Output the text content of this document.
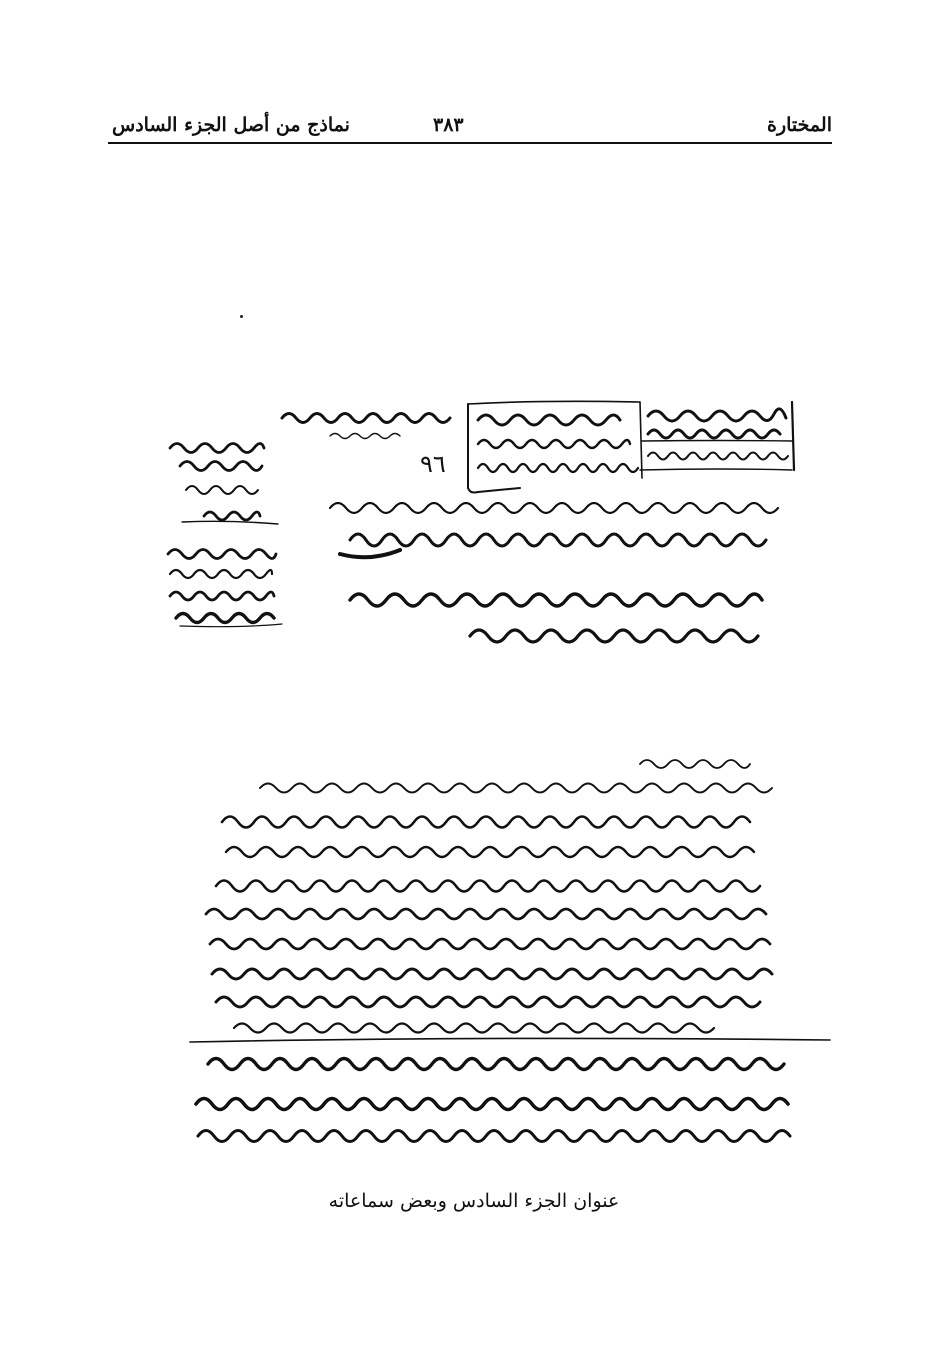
المختارة
٣٨٣
نماذج من أصل الجزء السادس
٩٦
عنوان الجزء السادس وبعض سماعاته
